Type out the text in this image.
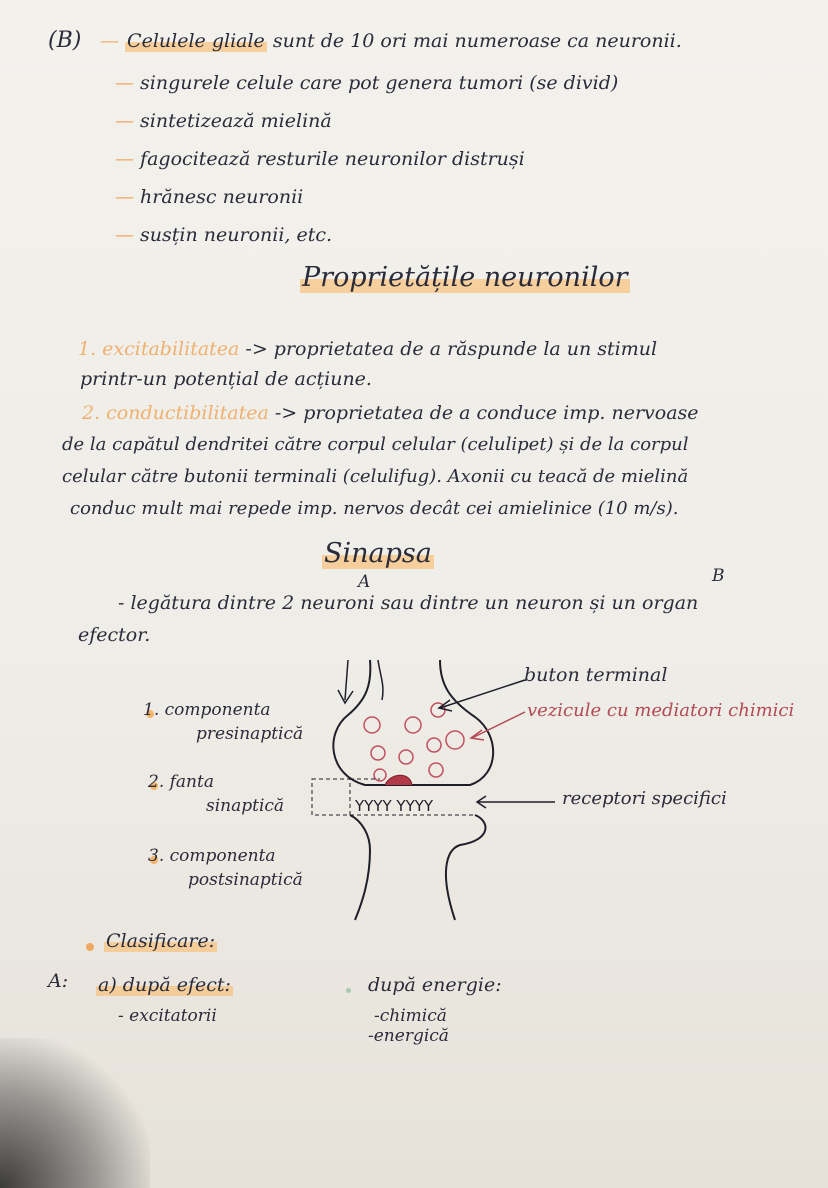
(B) — Celulele gliale sunt de 10 ori mai numeroase ca neuronii.
— singurele celule care pot genera tumori (se divid)
— sintetizează mielină
— fagocitează resturile neuronilor distruși
— hrănesc neuronii
— susțin neuronii, etc.
Proprietățile neuronilor
1. excitabilitatea -> proprietatea de a răspunde la un stimul
printr-un potențial de acțiune.
2. conductibilitatea -> proprietatea de a conduce imp. nervoase
de la capătul dendritei către corpul celular (celulipet) și de la corpul
celular către butonii terminali (celulifug). Axonii cu teacă de mielină
conduc mult mai repede imp. nervos decât cei amielinice (10 m/s).
Sinapsa
A	B
- legătura dintre 2 neuroni sau dintre un neuron și un organ
efector.
YYYY YYYY
buton terminal
vezicule cu mediatori chimici
receptori specifici
1. componenta
presinaptică
2. fanta
sinaptică
3. componenta
postsinaptică
Clasificare:
A: a) după efect:
- excitatorii
după energie:
-chimică
-energică
